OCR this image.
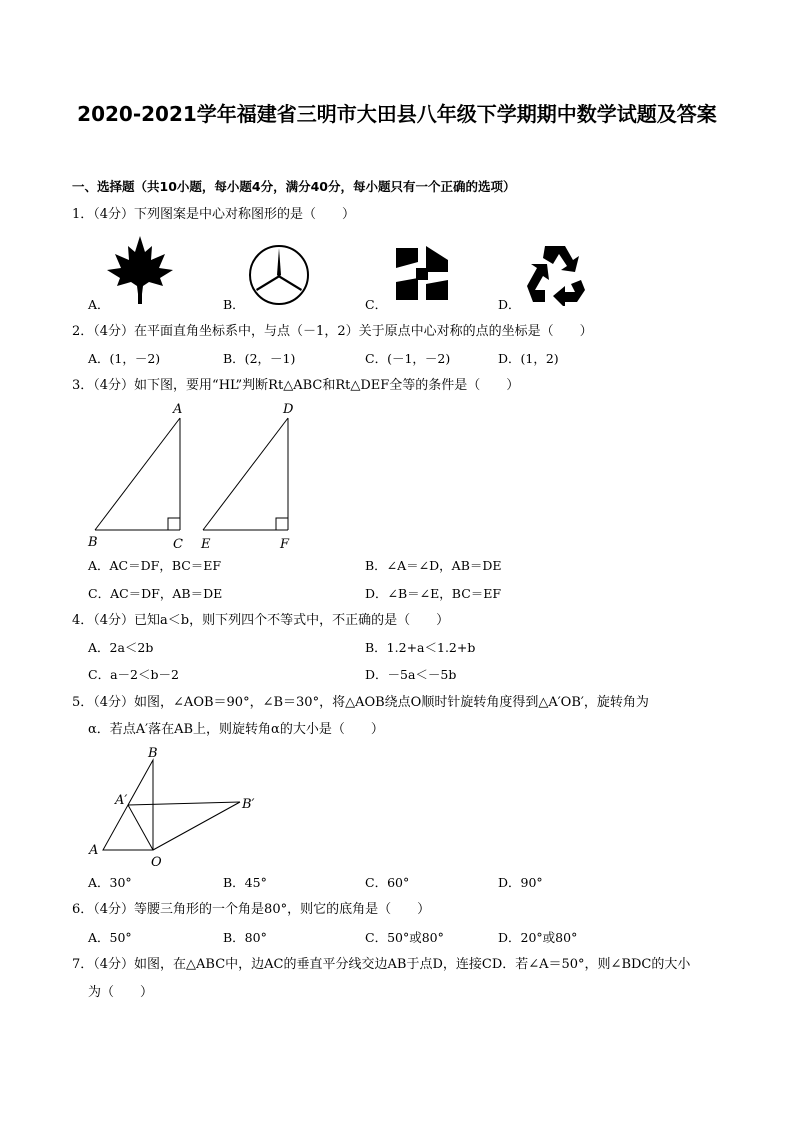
2020-2021学年福建省三明市大田县八年级下学期期中数学试题及答案
一、选择题（共10小题，每小题4分，满分40分，每小题只有一个正确的选项）
1．（4分）下列图案是中心对称图形的是（　　）
A．	B．	C．	D．
2．（4分）在平面直角坐标系中，与点（－1，2）关于原点中心对称的点的坐标是（　　）
A．(1，－2)	B．(2，－1)	C．(－1，－2)	D．(1，2)
3．（4分）如下图，要用“HL”判断Rt△ABC和Rt△DEF全等的条件是（　　）
A
B	C
D
E	F
A．AC＝DF，BC＝EF	B．∠A＝∠D，AB＝DE
C．AC＝DF，AB＝DE	D．∠B＝∠E，BC＝EF
4．（4分）已知a＜b，则下列四个不等式中，不正确的是（　　）
A．2a＜2b	B．1.2+a＜1.2+b
C．a－2＜b－2	D．－5a＜－5b
5．（4分）如图，∠AOB＝90°，∠B＝30°，将△AOB绕点O顺时针旋转角度得到△A′OB′，旋转角为
α．若点A′落在AB上，则旋转角α的大小是（　　）
B
A′	B′
A
O
A．30°	B．45°	C．60°	D．90°
6．（4分）等腰三角形的一个角是80°，则它的底角是（　　）
A．50°	B．80°	C．50°或80°	D．20°或80°
7．（4分）如图，在△ABC中，边AC的垂直平分线交边AB于点D，连接CD．若∠A＝50°，则∠BDC的大小
为（　　）
